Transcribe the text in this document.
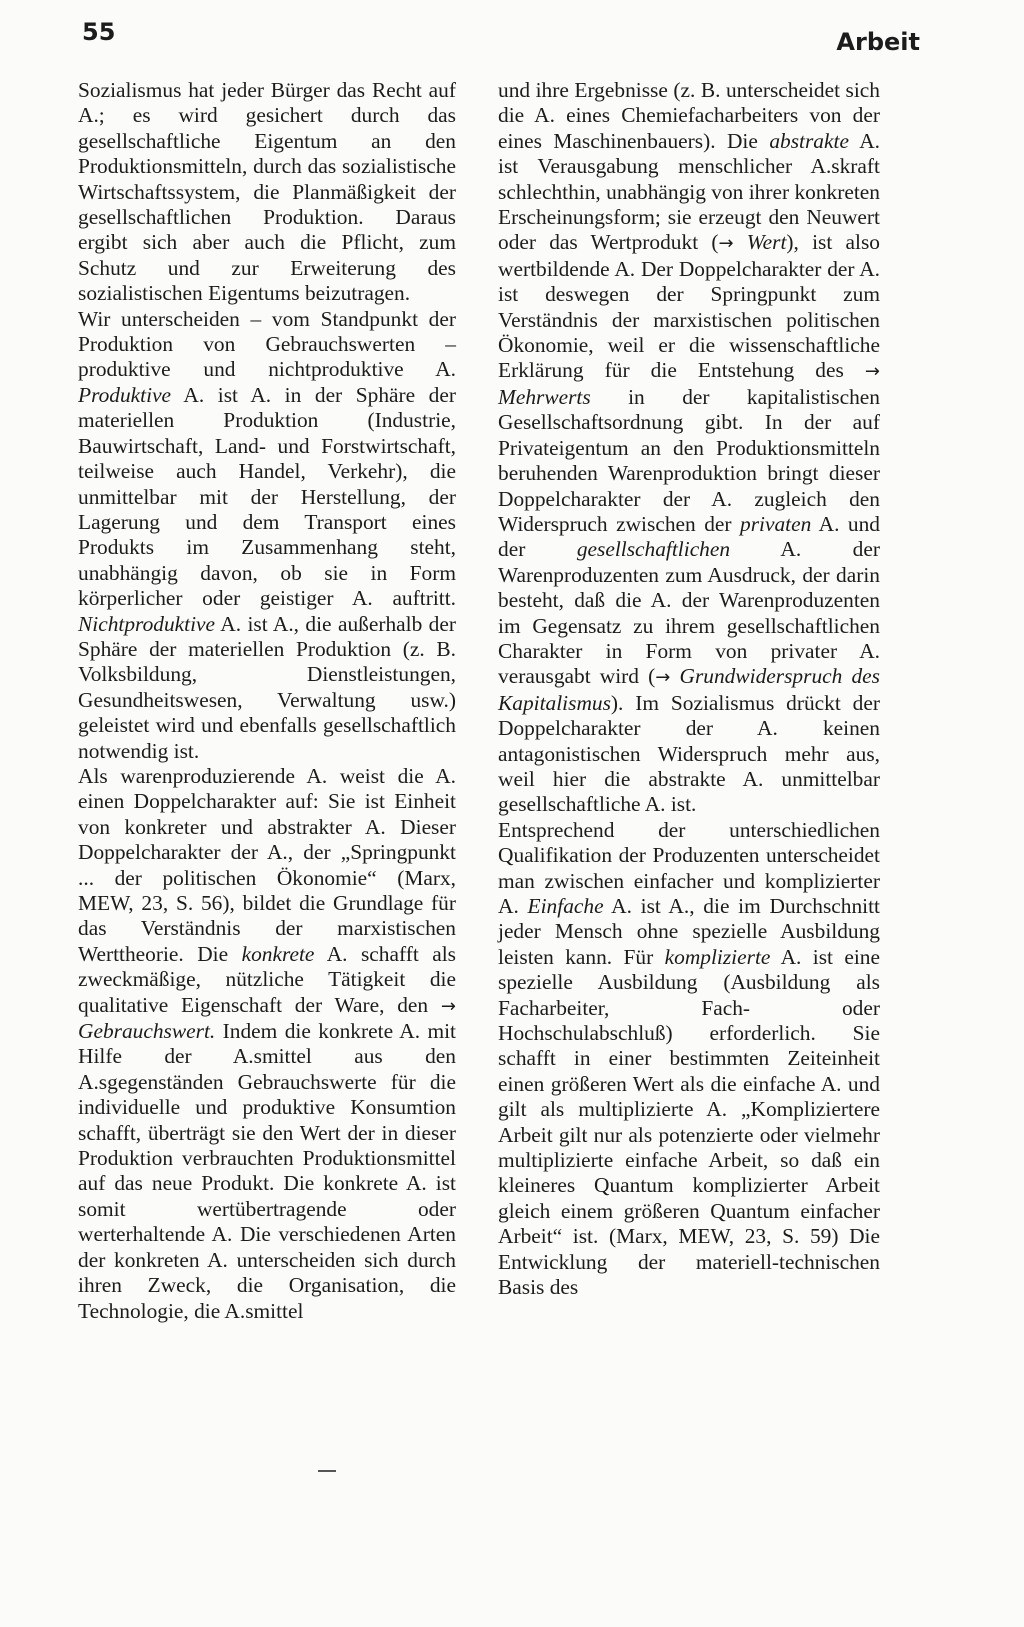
55	Arbeit

Sozialismus hat jeder Bürger das Recht auf A.; es wird gesichert durch das gesellschaftliche Eigentum an den Produktionsmitteln, durch das sozialistische Wirtschaftssystem, die Planmäßigkeit der gesellschaftlichen Produktion. Daraus ergibt sich aber auch die Pflicht, zum Schutz und zur Erweiterung des sozialistischen Eigentums beizutragen.

Wir unterscheiden – vom Standpunkt der Produktion von Gebrauchswerten – produktive und nichtproduktive A. Produktive A. ist A. in der Sphäre der materiellen Produktion (Industrie, Bauwirtschaft, Land- und Forstwirtschaft, teilweise auch Handel, Verkehr), die unmittelbar mit der Herstellung, der Lagerung und dem Transport eines Produkts im Zusammenhang steht, unabhängig davon, ob sie in Form körperlicher oder geistiger A. auftritt. Nichtproduktive A. ist A., die außerhalb der Sphäre der materiellen Produktion (z. B. Volksbildung, Dienstleistungen, Gesundheitswesen, Verwaltung usw.) geleistet wird und ebenfalls gesellschaftlich notwendig ist.

Als warenproduzierende A. weist die A. einen Doppelcharakter auf: Sie ist Einheit von konkreter und abstrakter A. Dieser Doppelcharakter der A., der „Springpunkt ... der politischen Ökonomie“ (Marx, MEW, 23, S. 56), bildet die Grundlage für das Verständnis der marxistischen Werttheorie. Die konkrete A. schafft als zweckmäßige, nützliche Tätigkeit die qualitative Eigenschaft der Ware, den → Gebrauchswert. Indem die konkrete A. mit Hilfe der A.smittel aus den A.sgegenständen Gebrauchswerte für die individuelle und produktive Konsumtion schafft, überträgt sie den Wert der in dieser Produktion verbrauchten Produktionsmittel auf das neue Produkt. Die konkrete A. ist somit wertübertragende oder werterhaltende A. Die verschiedenen Arten der konkreten A. unterscheiden sich durch ihren Zweck, die Organisation, die Technologie, die A.smittel

und ihre Ergebnisse (z. B. unterscheidet sich die A. eines Chemiefacharbeiters von der eines Maschinenbauers). Die abstrakte A. ist Verausgabung menschlicher A.skraft schlechthin, unabhängig von ihrer konkreten Erscheinungsform; sie erzeugt den Neuwert oder das Wertprodukt (→ Wert), ist also wertbildende A. Der Doppelcharakter der A. ist deswegen der Springpunkt zum Verständnis der marxistischen politischen Ökonomie, weil er die wissenschaftliche Erklärung für die Entstehung des → Mehrwerts in der kapitalistischen Gesellschaftsordnung gibt. In der auf Privateigentum an den Produktionsmitteln beruhenden Warenproduktion bringt dieser Doppelcharakter der A. zugleich den Widerspruch zwischen der privaten A. und der gesellschaftlichen A. der Warenproduzenten zum Ausdruck, der darin besteht, daß die A. der Warenproduzenten im Gegensatz zu ihrem gesellschaftlichen Charakter in Form von privater A. verausgabt wird (→ Grundwiderspruch des Kapitalismus). Im Sozialismus drückt der Doppelcharakter der A. keinen antagonistischen Widerspruch mehr aus, weil hier die abstrakte A. unmittelbar gesellschaftliche A. ist.

Entsprechend der unterschiedlichen Qualifikation der Produzenten unterscheidet man zwischen einfacher und komplizierter A. Einfache A. ist A., die im Durchschnitt jeder Mensch ohne spezielle Ausbildung leisten kann. Für komplizierte A. ist eine spezielle Ausbildung (Ausbildung als Facharbeiter, Fach- oder Hochschulabschluß) erforderlich. Sie schafft in einer bestimmten Zeiteinheit einen größeren Wert als die einfache A. und gilt als multiplizierte A. „Kompliziertere Arbeit gilt nur als potenzierte oder vielmehr multiplizierte einfache Arbeit, so daß ein kleineres Quantum komplizierter Arbeit gleich einem größeren Quantum einfacher Arbeit“ ist. (Marx, MEW, 23, S. 59) Die Entwicklung der materiell-technischen Basis des
